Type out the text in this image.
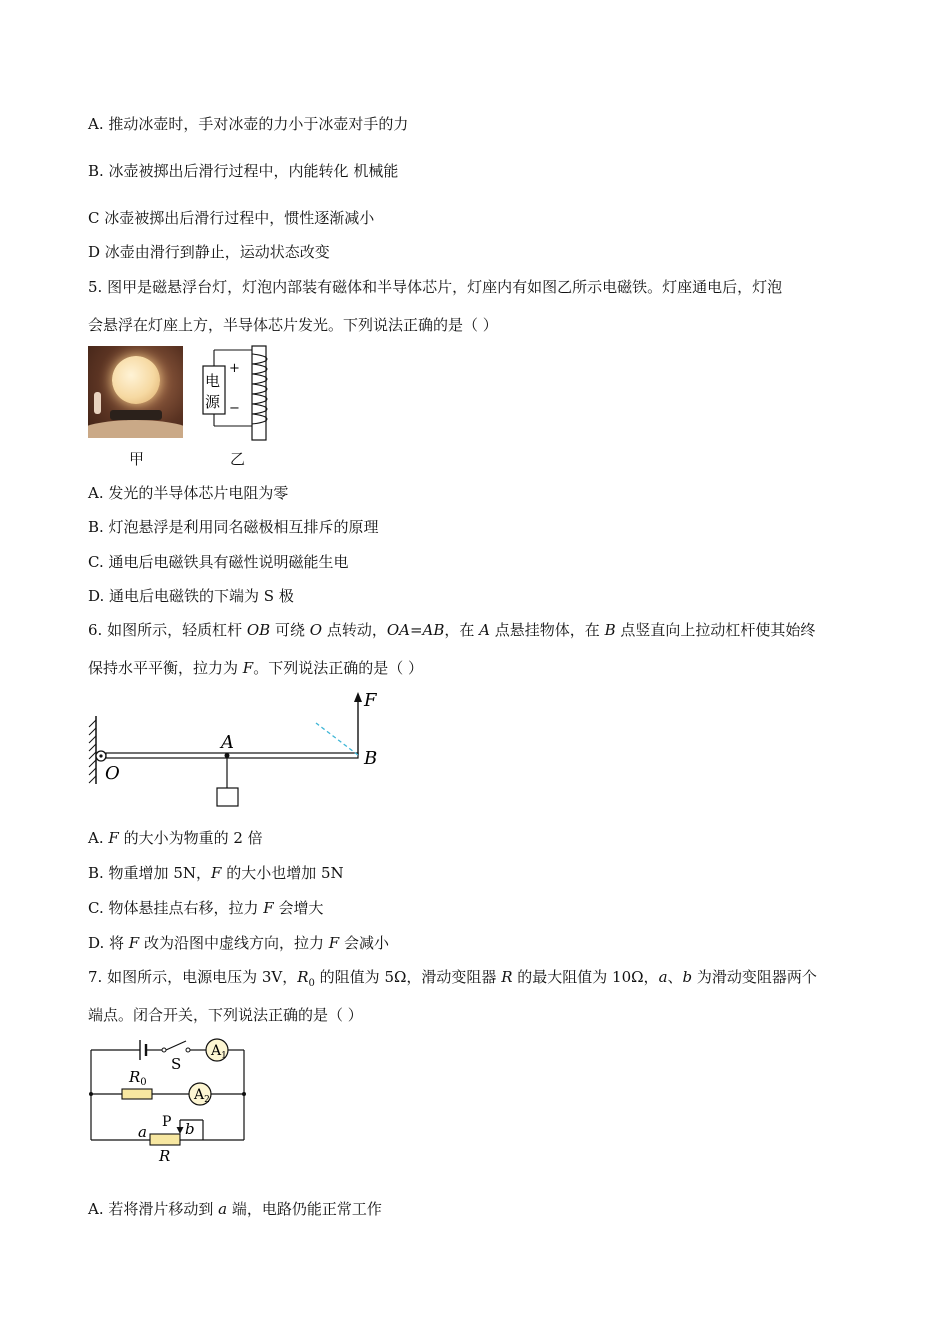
A. 推动冰壶时，手对冰壶的力小于冰壶对手的力
B. 冰壶被掷出后滑行过程中，内能转化 机械能
C 冰壶被掷出后滑行过程中，惯性逐渐减小
D 冰壶由滑行到静止，运动状态改变
5. 图甲是磁悬浮台灯，灯泡内部装有磁体和半导体芯片，灯座内有如图乙所示电磁铁。灯座通电后，灯泡
会悬浮在灯座上方，半导体芯片发光。下列说法正确的是（ ）
甲
电
源
+
−
乙
A. 发光的半导体芯片电阻为零
B. 灯泡悬浮是利用同名磁极相互排斥的原理
C. 通电后电磁铁具有磁性说明磁能生电
D. 通电后电磁铁的下端为 S 极
6. 如图所示，轻质杠杆 OB 可绕 O 点转动，OA=AB，在 A 点悬挂物体，在 B 点竖直向上拉动杠杆使其始终
保持水平平衡，拉力为 F。下列说法正确的是（ ）
F
A
B
O
A. F 的大小为物重的 2 倍
B. 物重增加 5N，F 的大小也增加 5N
C. 物体悬挂点右移，拉力 F 会增大
D. 将 F 改为沿图中虚线方向，拉力 F 会减小
7. 如图所示，电源电压为 3V，$R_0$ 的阻值为 5Ω，滑动变阻器 R 的最大阻值为 10Ω，a、b 为滑动变阻器两个
端点。闭合开关，下列说法正确的是（ ）
S
$A_1$
$A_2$
$R_0$
P
a	b
R
A. 若将滑片移动到 a 端，电路仍能正常工作
